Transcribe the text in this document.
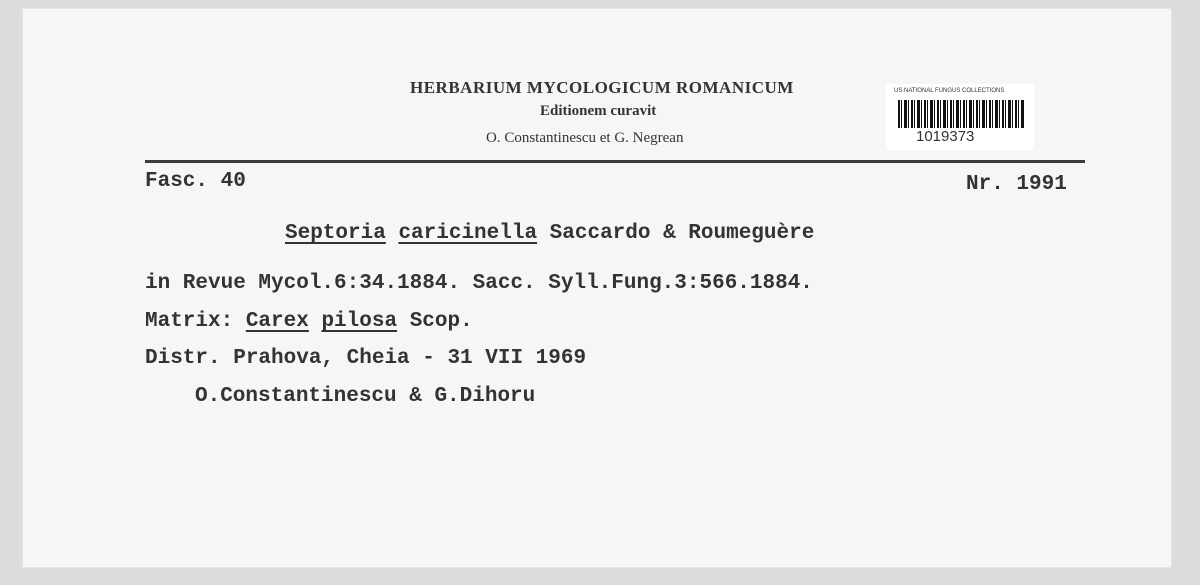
HERBARIUM MYCOLOGICUM ROMANICUM
Editionem curavit
O. Constantinescu et G. Negrean
US NATIONAL FUNGUS COLLECTIONS
1019373
Fasc. 40	Nr. 1991
Septoria caricinella Saccardo & Roumeguère
in Revue Mycol.6:34.1884. Sacc. Syll.Fung.3:566.1884.
Matrix: Carex pilosa Scop.
Distr. Prahova, Cheia - 31 VII 1969
O.Constantinescu & G.Dihoru
